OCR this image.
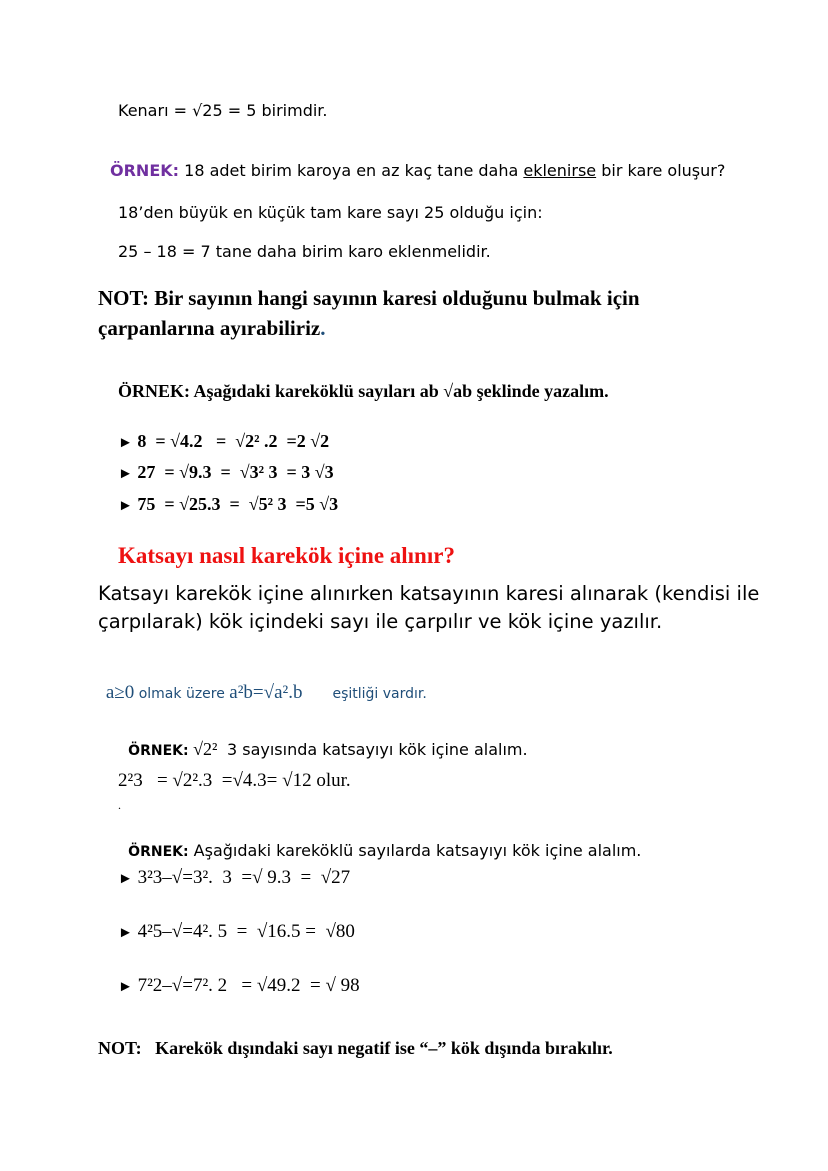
Kenarı = √25 = 5 birimdir.
ÖRNEK: 18 adet birim karoya en az kaç tane daha eklenirse bir kare oluşur?
18’den büyük en küçük tam kare sayı 25 olduğu için:
25 – 18 = 7 tane daha birim karo eklenmelidir.
NOT: Bir sayının hangi sayının karesi olduğunu bulmak için
çarpanlarına ayırabiliriz.
ÖRNEK: Aşağıdaki kareköklü sayıları ab √ab şeklinde yazalım.
► 8  = √4.2   =  √2² .2  =2 √2
► 27  = √9.3  =  √3² 3  = 3 √3
► 75  = √25.3  =  √5² 3  =5 √3
Katsayı nasıl karekök içine alınır?
Katsayı karekök içine alınırken katsayının karesi alınarak (kendisi ile
çarpılarak) kök içindeki sayı ile çarpılır ve kök içine yazılır.

a≥0 olmak üzere a²b=√a².b eşitliği vardır.

ÖRNEK: √2²  3 sayısında katsayıyı kök içine alalım.

2²3   = √2².3  =√4.3= √12 olur.
.

ÖRNEK: Aşağıdaki kareköklü sayılarda katsayıyı kök içine alalım.

► 3²3–√=3².  3  =√ 9.3  =  √27
► 4²5–√=4². 5  =  √16.5 =  √80
► 7²2–√=7². 2   = √49.2  = √ 98
NOT:   Karekök dışındaki sayı negatif ise “–” kök dışında bırakılır.
